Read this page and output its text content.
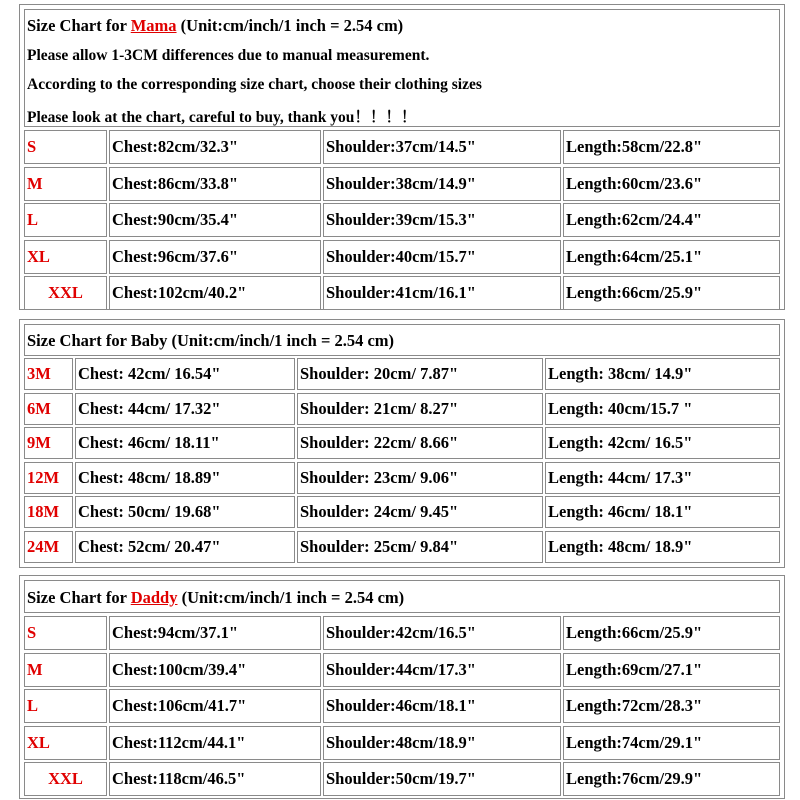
Size Chart for Mama (Unit:cm/inch/1 inch = 2.54 cm)
Please allow 1-3CM differences due to manual measurement.
According to the corresponding size chart, choose their clothing sizes
Please look at the chart, careful to buy, thank you！！！！
S	Chest:82cm/32.3"	Shoulder:37cm/14.5"	Length:58cm/22.8"
M	Chest:86cm/33.8"	Shoulder:38cm/14.9"	Length:60cm/23.6"
L	Chest:90cm/35.4"	Shoulder:39cm/15.3"	Length:62cm/24.4"
XL	Chest:96cm/37.6"	Shoulder:40cm/15.7"	Length:64cm/25.1"
XXL	Chest:102cm/40.2"	Shoulder:41cm/16.1"	Length:66cm/25.9"
Size Chart for Baby (Unit:cm/inch/1 inch = 2.54 cm)
3M	Chest: 42cm/ 16.54"	Shoulder: 20cm/ 7.87"	Length: 38cm/ 14.9"
6M	Chest: 44cm/ 17.32"	Shoulder: 21cm/ 8.27"	Length: 40cm/15.7 "
9M	Chest: 46cm/ 18.11"	Shoulder: 22cm/ 8.66"	Length: 42cm/ 16.5"
12M	Chest: 48cm/ 18.89"	Shoulder: 23cm/ 9.06"	Length: 44cm/ 17.3"
18M	Chest: 50cm/ 19.68"	Shoulder: 24cm/ 9.45"	Length: 46cm/ 18.1"
24M	Chest: 52cm/ 20.47"	Shoulder: 25cm/ 9.84"	Length: 48cm/ 18.9"
Size Chart for Daddy (Unit:cm/inch/1 inch = 2.54 cm)
S	Chest:94cm/37.1"	Shoulder:42cm/16.5"	Length:66cm/25.9"
M	Chest:100cm/39.4"	Shoulder:44cm/17.3"	Length:69cm/27.1"
L	Chest:106cm/41.7"	Shoulder:46cm/18.1"	Length:72cm/28.3"
XL	Chest:112cm/44.1"	Shoulder:48cm/18.9"	Length:74cm/29.1"
XXL	Chest:118cm/46.5"	Shoulder:50cm/19.7"	Length:76cm/29.9"
